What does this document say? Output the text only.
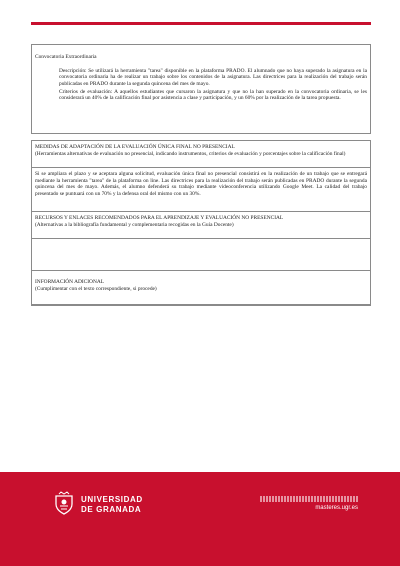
Convocatoria Extraordinaria
Descripción: Se utilizará la herramienta "tarea" disponible en la plataforma PRADO. El alumnado que no haya superado la asignatura en la convocatoria ordinaria ha de realizar un trabajo sobre los contenidos de la asignatura. Las directrices para la realización del trabajo serán publicadas en PRADO durante la segunda quincena del mes de mayo.
Criterios de evaluación: A aquellos estudiantes que cursaron la asignatura y que no la han superado en la convocatoria ordinaria, se les considerará un 40% de la calificación final por asistencia a clase y participación, y un 60% por la realización de la tarea propuesta.
MEDIDAS DE ADAPTACIÓN DE LA EVALUACIÓN ÚNICA FINAL NO PRESENCIAL
(Herramientas alternativas de evaluación no presencial, indicando instrumentos, criterios de evaluación y porcentajes sobre la calificación final)
Si se ampliara el plazo y se aceptara alguna solicitud, evaluación única final no presencial consistirá en la realización de un trabajo que se entregará mediante la herramienta "tarea" de la plataforma on line. Las directrices para la realización del trabajo serán publicadas en PRADO durante la segunda quincena del mes de mayo. Además, el alumno defenderá su trabajo mediante videoconferencia utilizando Google Meet. La calidad del trabajo presentado se puntuará con un 70% y la defensa oral del mismo con un 30%.
RECURSOS Y ENLACES RECOMENDADOS PARA EL APRENDIZAJE Y EVALUACIÓN NO PRESENCIAL
(Alternativas a la bibliografía fundamental y complementaria recogidas en la Guía Docente)
INFORMACIÓN ADICIONAL
(Cumplimentar con el texto correspondiente, si procede)
UNIVERSIDAD
DE GRANADA	masteres.ugr.es
